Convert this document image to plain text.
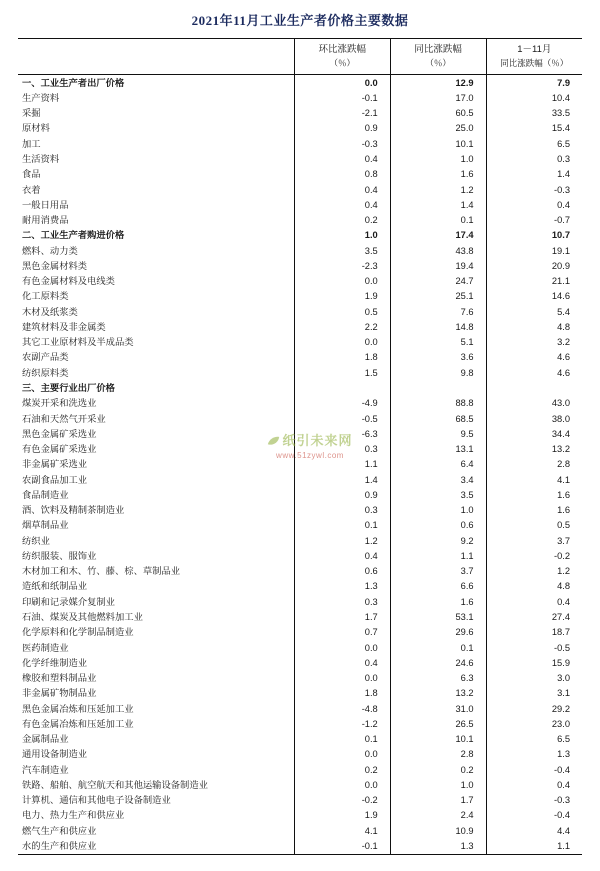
2021年11月工业生产者价格主要数据
	环比涨跌幅
（％）	同比涨跌幅
（％）	1－11月
同比涨跌幅（％）

一、工业生产者出厂价格	0.0	12.9	7.9
生产资料	-0.1	17.0	10.4
采掘	-2.1	60.5	33.5
原材料	0.9	25.0	15.4
加工	-0.3	10.1	6.5
生活资料	0.4	1.0	0.3
食品	0.8	1.6	1.4
衣着	0.4	1.2	-0.3
一般日用品	0.4	1.4	0.4
耐用消费品	0.2	0.1	-0.7
二、工业生产者购进价格	1.0	17.4	10.7
燃料、动力类	3.5	43.8	19.1
黑色金属材料类	-2.3	19.4	20.9
有色金属材料及电线类	0.0	24.7	21.1
化工原料类	1.9	25.1	14.6
木材及纸浆类	0.5	7.6	5.4
建筑材料及非金属类	2.2	14.8	4.8
其它工业原材料及半成品类	0.0	5.1	3.2
农副产品类	1.8	3.6	4.6
纺织原料类	1.5	9.8	4.6
三、主要行业出厂价格			
煤炭开采和洗选业	-4.9	88.8	43.0
石油和天然气开采业	-0.5	68.5	38.0
黑色金属矿采选业	-6.3	9.5	34.4
有色金属矿采选业	0.3	13.1	13.2
非金属矿采选业	1.1	6.4	2.8
农副食品加工业	1.4	3.4	4.1
食品制造业	0.9	3.5	1.6
酒、饮料及精制茶制造业	0.3	1.0	1.6
烟草制品业	0.1	0.6	0.5
纺织业	1.2	9.2	3.7
纺织服装、服饰业	0.4	1.1	-0.2
木材加工和木、竹、藤、棕、草制品业	0.6	3.7	1.2
造纸和纸制品业	1.3	6.6	4.8
印刷和记录媒介复制业	0.3	1.6	0.4
石油、煤炭及其他燃料加工业	1.7	53.1	27.4
化学原料和化学制品制造业	0.7	29.6	18.7
医药制造业	0.0	0.1	-0.5
化学纤维制造业	0.4	24.6	15.9
橡胶和塑料制品业	0.0	6.3	3.0
非金属矿物制品业	1.8	13.2	3.1
黑色金属冶炼和压延加工业	-4.8	31.0	29.2
有色金属冶炼和压延加工业	-1.2	26.5	23.0
金属制品业	0.1	10.1	6.5
通用设备制造业	0.0	2.8	1.3
汽车制造业	0.2	0.2	-0.4
铁路、船舶、航空航天和其他运输设备制造业	0.0	1.0	0.4
计算机、通信和其他电子设备制造业	-0.2	1.7	-0.3
电力、热力生产和供应业	1.9	2.4	-0.4
燃气生产和供应业	4.1	10.9	4.4
水的生产和供应业	-0.1	1.3	1.1
纸引未来网
www.51zywl.com
